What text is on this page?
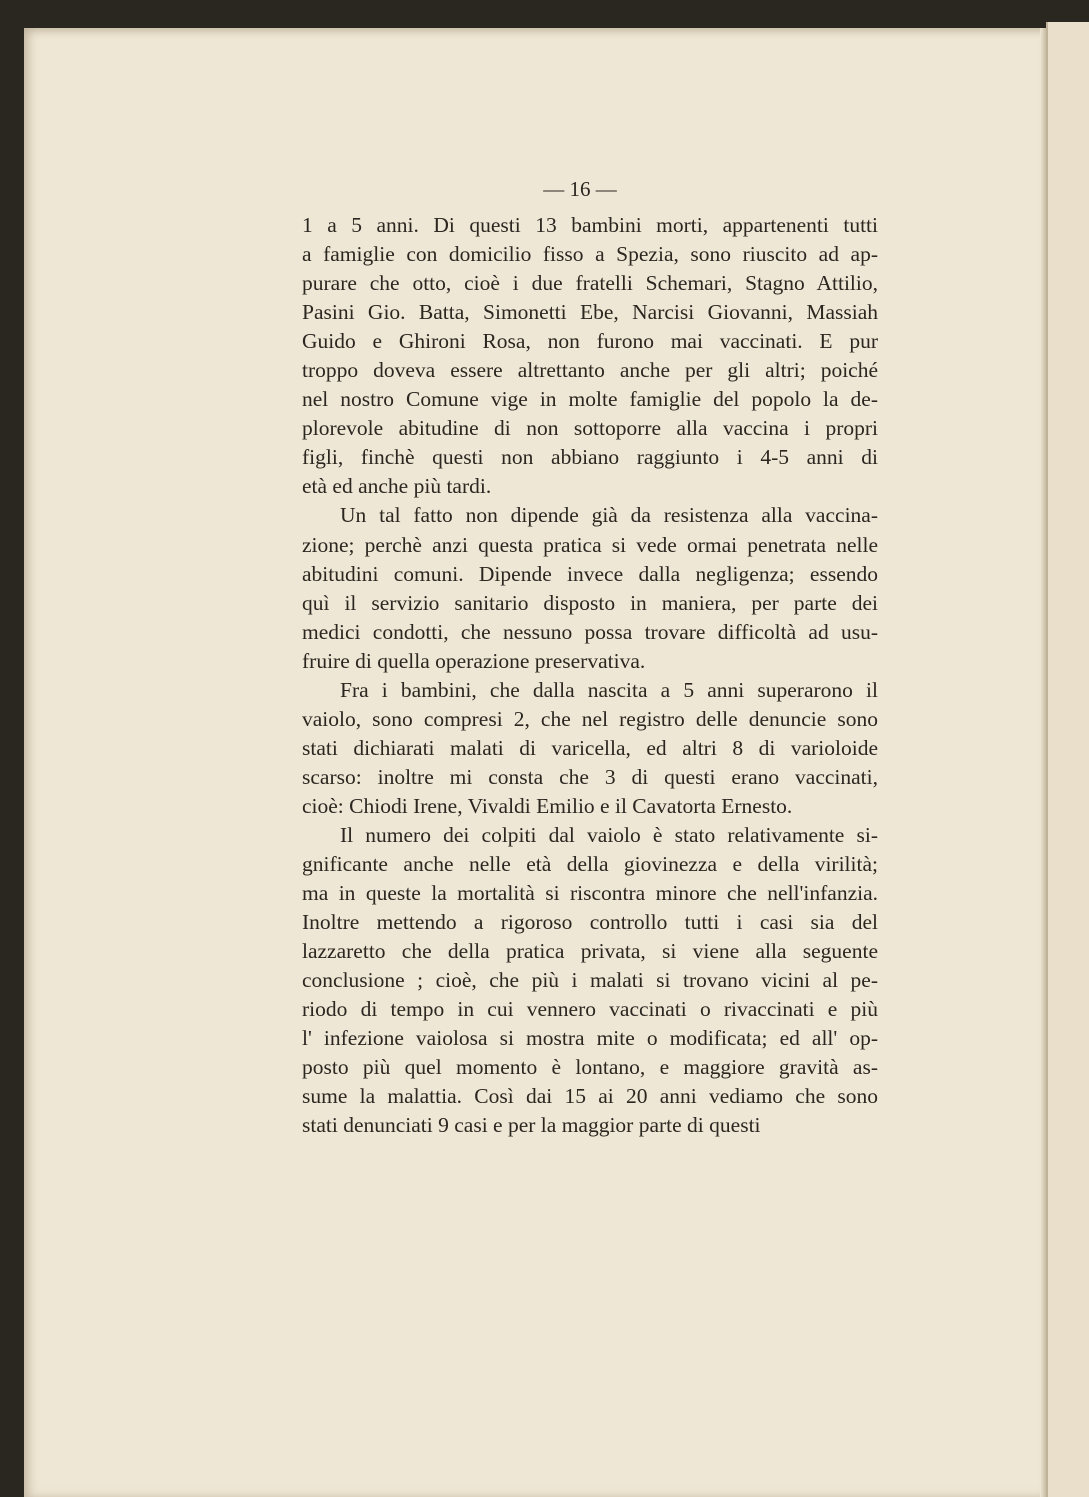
— 16 —
1 a 5 anni. Di questi 13 bambini morti, appartenenti tutti
a famiglie con domicilio fisso a Spezia, sono riuscito ad ap-
purare che otto, cioè i due fratelli Schemari, Stagno Attilio,
Pasini Gio. Batta, Simonetti Ebe, Narcisi Giovanni, Massiah
Guido e Ghironi Rosa, non furono mai vaccinati. E pur
troppo doveva essere altrettanto anche per gli altri; poiché
nel nostro Comune vige in molte famiglie del popolo la de-
plorevole abitudine di non sottoporre alla vaccina i propri
figli, finchè questi non abbiano raggiunto i 4-5 anni di
età ed anche più tardi.
Un tal fatto non dipende già da resistenza alla vaccina-
zione; perchè anzi questa pratica si vede ormai penetrata nelle
abitudini comuni. Dipende invece dalla negligenza; essendo
quì il servizio sanitario disposto in maniera, per parte dei
medici condotti, che nessuno possa trovare difficoltà ad usu-
fruire di quella operazione preservativa.
Fra i bambini, che dalla nascita a 5 anni superarono il
vaiolo, sono compresi 2, che nel registro delle denuncie sono
stati dichiarati malati di varicella, ed altri 8 di varioloide
scarso: inoltre mi consta che 3 di questi erano vaccinati,
cioè: Chiodi Irene, Vivaldi Emilio e il Cavatorta Ernesto.
Il numero dei colpiti dal vaiolo è stato relativamente si-
gnificante anche nelle età della giovinezza e della virilità;
ma in queste la mortalità si riscontra minore che nell'infanzia.
Inoltre mettendo a rigoroso controllo tutti i casi sia del
lazzaretto che della pratica privata, si viene alla seguente
conclusione ; cioè, che più i malati si trovano vicini al pe-
riodo di tempo in cui vennero vaccinati o rivaccinati e più
l' infezione vaiolosa si mostra mite o modificata; ed all' op-
posto più quel momento è lontano, e maggiore gravità as-
sume la malattia. Così dai 15 ai 20 anni vediamo che sono
stati denunciati 9 casi e per la maggior parte di questi
